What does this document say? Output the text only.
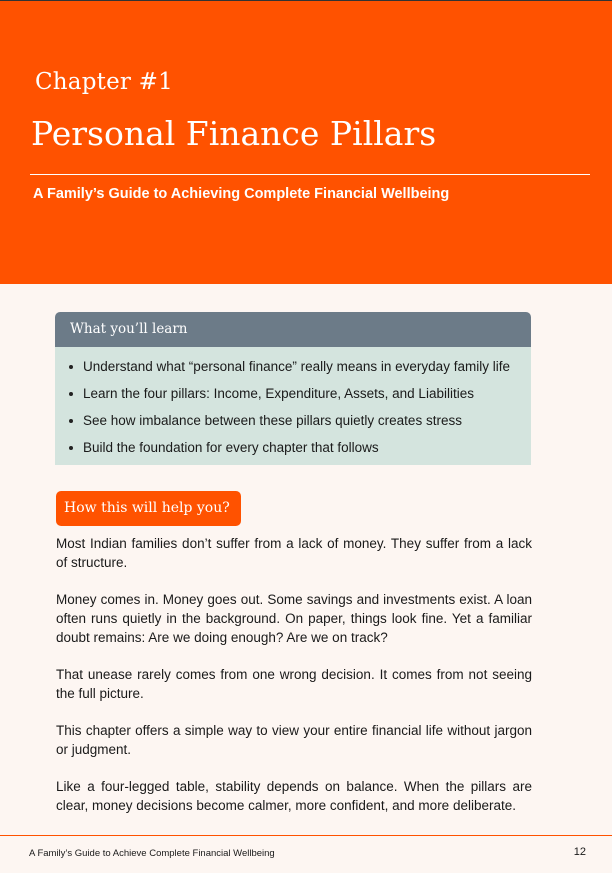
Chapter #1
Personal Finance Pillars
A Family’s Guide to Achieving Complete Financial Wellbeing
What you’ll learn
Understand what “personal finance” really means in everyday family life
Learn the four pillars: Income, Expenditure, Assets, and Liabilities
See how imbalance between these pillars quietly creates stress
Build the foundation for every chapter that follows
How this will help you?

Most Indian families don’t suffer from a lack of money. They suffer from a lack of structure.

Money comes in. Money goes out. Some savings and investments exist. A loan often runs quietly in the background. On paper, things look fine. Yet a familiar doubt remains: Are we doing enough? Are we on track?

That unease rarely comes from one wrong decision. It comes from not seeing the full picture.

This chapter offers a simple way to view your entire financial life without jargon or judgment.

Like a four-legged table, stability depends on balance. When the pillars are clear, money decisions become calmer, more confident, and more deliberate.

A Family’s Guide to Achieve Complete Financial Wellbeing	12
